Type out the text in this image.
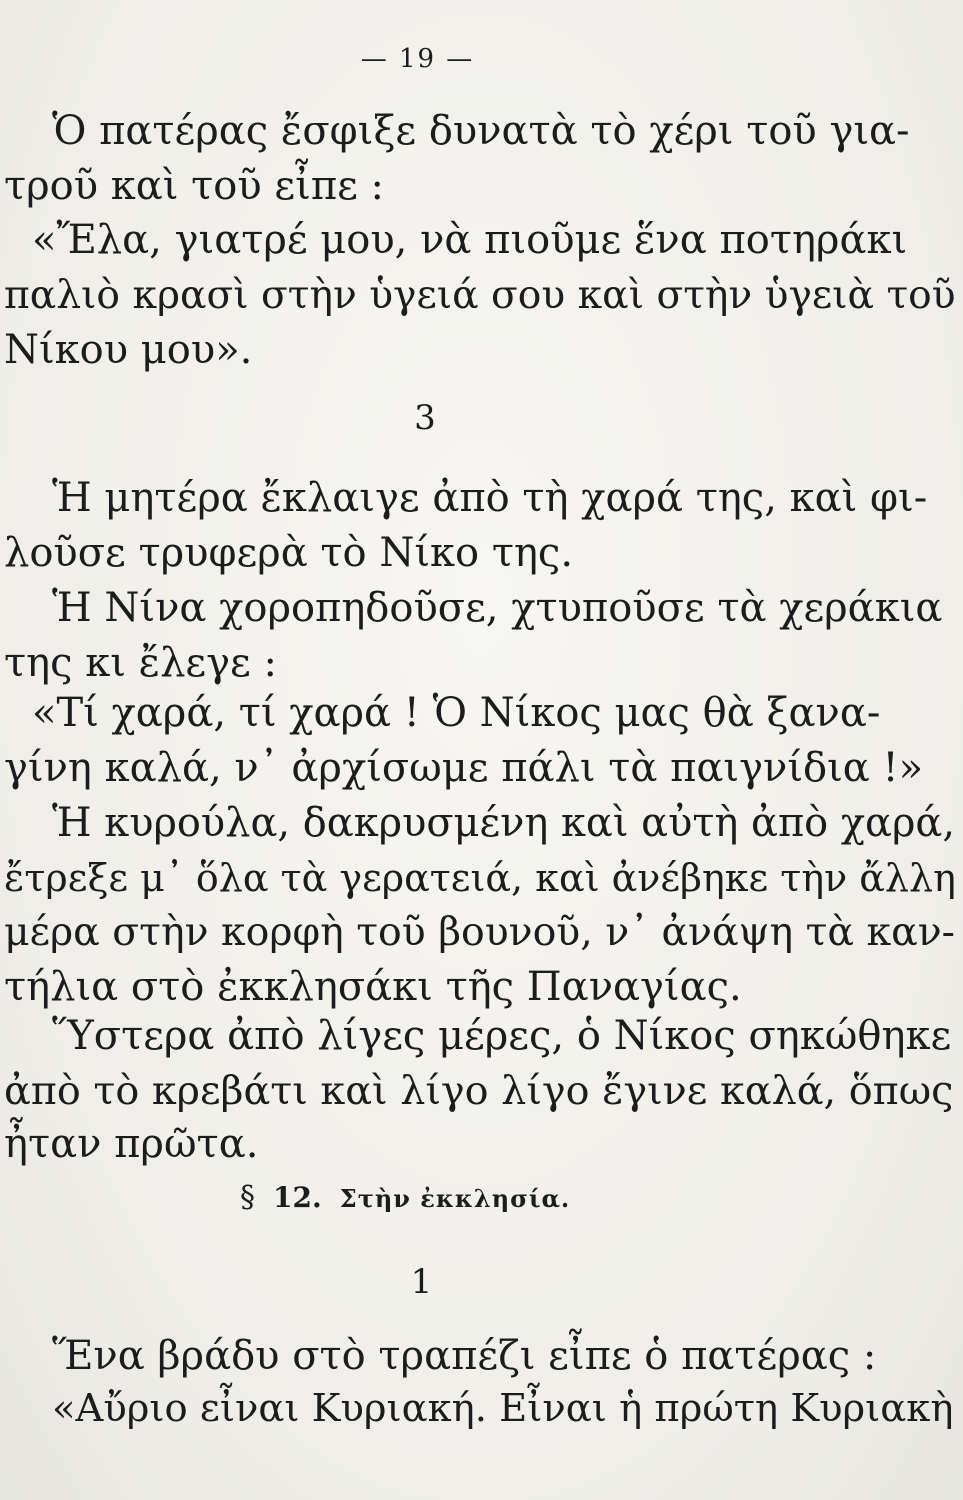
— 19 —
Ὁ πατέρας ἔσφιξε δυνατὰ τὸ χέρι τοῦ για-
τροῦ καὶ τοῦ εἶπε :
«Ἔλα, γιατρέ μου, νὰ πιοῦμε ἕνα ποτηράκι
παλιὸ κρασὶ στὴν ὑγειά σου καὶ στὴν ὑγειὰ τοῦ
Νίκου μου».
3
Ἡ μητέρα ἔκλαιγε ἀπὸ τὴ χαρά της, καὶ φι-
λοῦσε τρυφερὰ τὸ Νίκο της.
Ἡ Νίνα χοροπηδοῦσε, χτυποῦσε τὰ χεράκια
της κι ἔλεγε :
«Τί χαρά, τί χαρά ! Ὁ Νίκος μας θὰ ξανα-
γίνη καλά, ν᾿ ἀρχίσωμε πάλι τὰ παιγνίδια !»
Ἡ κυρούλα, δακρυσμένη καὶ αὐτὴ ἀπὸ χαρά,
ἔτρεξε μ᾿ ὅλα τὰ γερατειά, καὶ ἀνέβηκε τὴν ἄλλη
μέρα στὴν κορφὴ τοῦ βουνοῦ, ν᾿ ἀνάψη τὰ καν-
τήλια στὸ ἐκκλησάκι τῆς Παναγίας.
Ὕστερα ἀπὸ λίγες μέρες, ὁ Νίκος σηκώθηκε
ἀπὸ τὸ κρεβάτι καὶ λίγο λίγο ἔγινε καλά, ὅπως
ἦταν πρῶτα.
§ 12. Στὴν ἐκκλησία.
1
Ἕνα βράδυ στὸ τραπέζι εἶπε ὁ πατέρας :
«Αὔριο εἶναι Κυριακή. Εἶναι ἡ πρώτη Κυριακὴ
